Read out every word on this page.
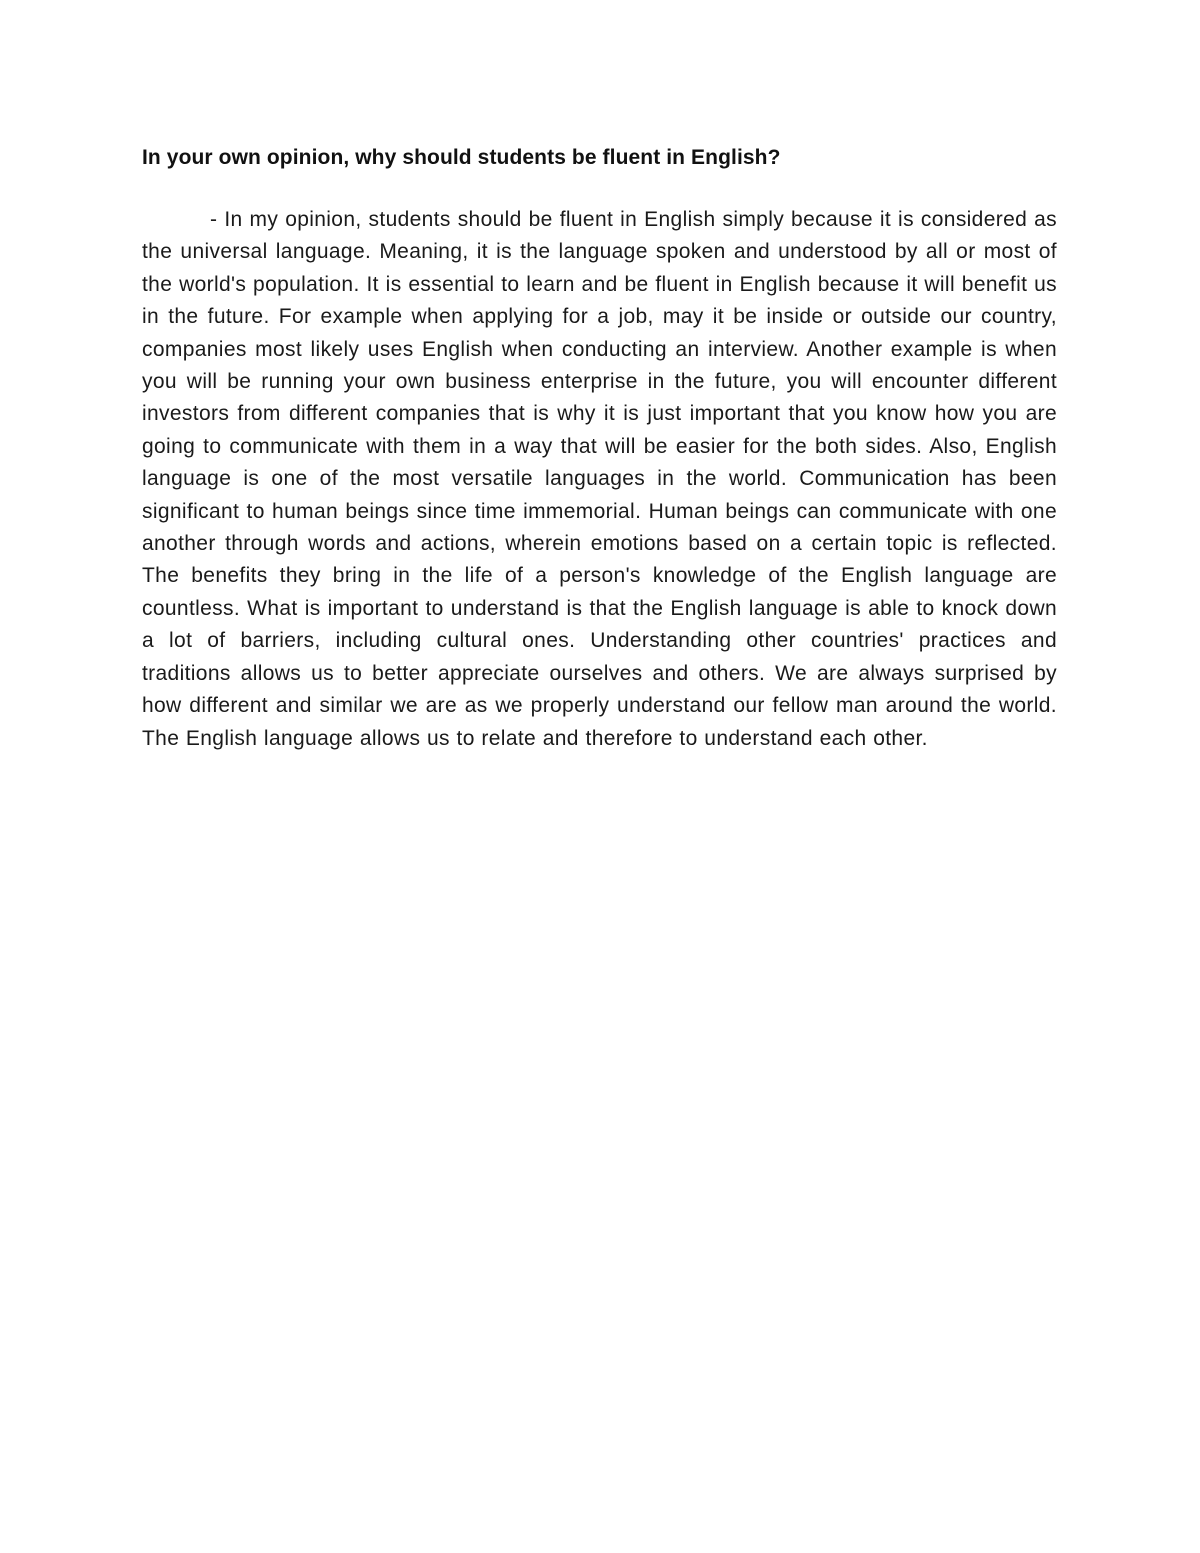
In your own opinion, why should students be fluent in English?

- In my opinion, students should be fluent in English simply because it is considered as the universal language. Meaning, it is the language spoken and understood by all or most of the world's population. It is essential to learn and be fluent in English because it will benefit us in the future. For example when applying for a job, may it be inside or outside our country, companies most likely uses English when conducting an interview. Another example is when you will be running your own business enterprise in the future, you will encounter different investors from different companies that is why it is just important that you know how you are going to communicate with them in a way that will be easier for the both sides. Also, English language is one of the most versatile languages in the world. Communication has been significant to human beings since time immemorial. Human beings can communicate with one another through words and actions, wherein emotions based on a certain topic is reflected. The benefits they bring in the life of a person's knowledge of the English language are countless. What is important to understand is that the English language is able to knock down a lot of barriers, including cultural ones. Understanding other countries' practices and traditions allows us to better appreciate ourselves and others. We are always surprised by how different and similar we are as we properly understand our fellow man around the world. The English language allows us to relate and therefore to understand each other.
